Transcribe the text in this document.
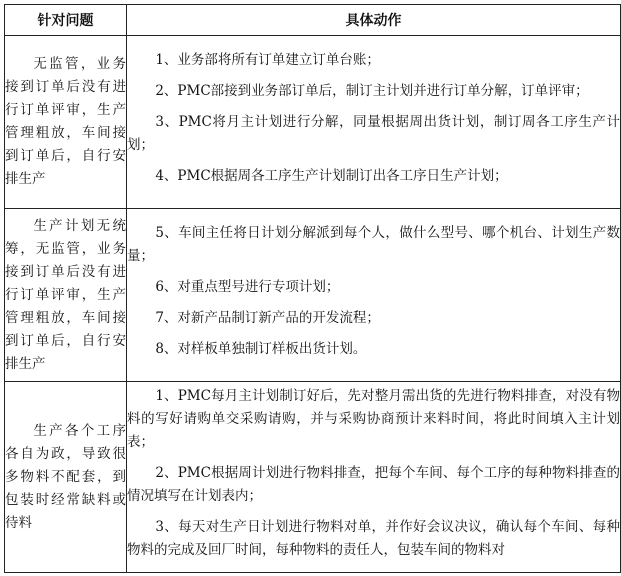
针对问题	具体动作
无监管，业务接到订单后没有进行订单评审，生产管理粗放，车间接到订单后，自行安排生产	1、业务部将所有订单建立订单台账；
2、PMC部接到业务部订单后，制订主计划并进行订单分解，订单评审；
3、PMC将月主计划进行分解，同量根据周出货计划，制订周各工序生产计划；
4、PMC根据周各工序生产计划制订出各工序日生产计划；

生产计划无统筹，无监管，业务接到订单后没有进行订单评审，生产管理粗放，车间接到订单后，自行安排生产	5、车间主任将日计划分解派到每个人，做什么型号、哪个机台、计划生产数量；
6、对重点型号进行专项计划；
7、对新产品制订新产品的开发流程；
8、对样板单独制订样板出货计划。

生产各个工序各自为政，导致很多物料不配套，到包装时经常缺料或待料	1、PMC每月主计划制订好后，先对整月需出货的先进行物料排查，对没有物料的写好请购单交采购请购，并与采购协商预计来料时间，将此时间填入主计划表；
2、PMC根据周计划进行物料排查，把每个车间、每个工序的每种物料排查的情况填写在计划表内；
3、每天对生产日计划进行物料对单，并作好会议决议，确认每个车间、每种物料的完成及回厂时间，每种物料的责任人，包装车间的物料对
